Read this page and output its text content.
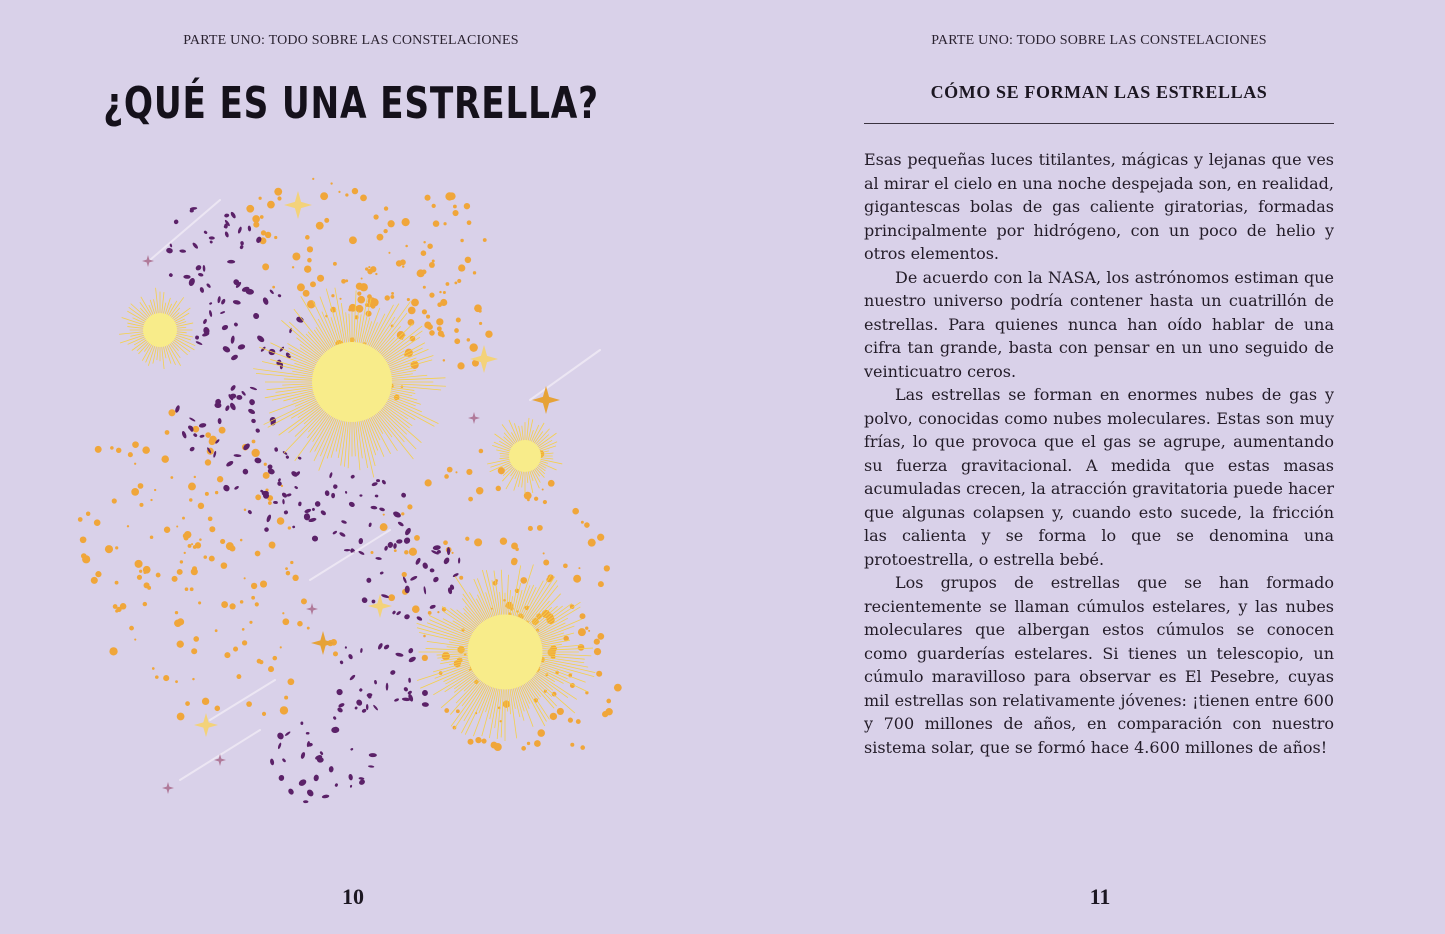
PARTE UNO: TODO SOBRE LAS CONSTELACIONES
¿QUÉ ES UNA ESTRELLA?
10
PARTE UNO: TODO SOBRE LAS CONSTELACIONES
CÓMO SE FORMAN LAS ESTRELLAS

Esas pequeñas luces titilantes, mágicas y lejanas que ves al mirar el cielo en una noche despejada son, en realidad, gigantescas bolas de gas caliente giratorias, formadas principalmente por hidrógeno, con un poco de helio y otros elementos.

De acuerdo con la NASA, los astrónomos estiman que nuestro universo podría contener hasta un cuatrillón de estrellas. Para quienes nunca han oído hablar de una cifra tan grande, basta con pensar en un uno seguido de veinticuatro ceros.

Las estrellas se forman en enormes nubes de gas y polvo, conocidas como nubes moleculares. Estas son muy frías, lo que provoca que el gas se agrupe, aumentando su fuerza gravitacional. A medida que estas masas acumuladas crecen, la atracción gravitatoria puede hacer que algunas colapsen y, cuando esto sucede, la fricción las calienta y se forma lo que se denomina una protoestrella, o estrella bebé.

Los grupos de estrellas que se han formado recientemente se llaman cúmulos estelares, y las nubes moleculares que albergan estos cúmulos se conocen como guarderías estelares. Si tienes un telescopio, un cúmulo maravilloso para observar es El Pesebre, cuyas mil estrellas son relativamente jóvenes: ¡tienen entre 600 y 700 millones de años, en comparación con nuestro sistema solar, que se formó hace 4.600 millones de años!

11
